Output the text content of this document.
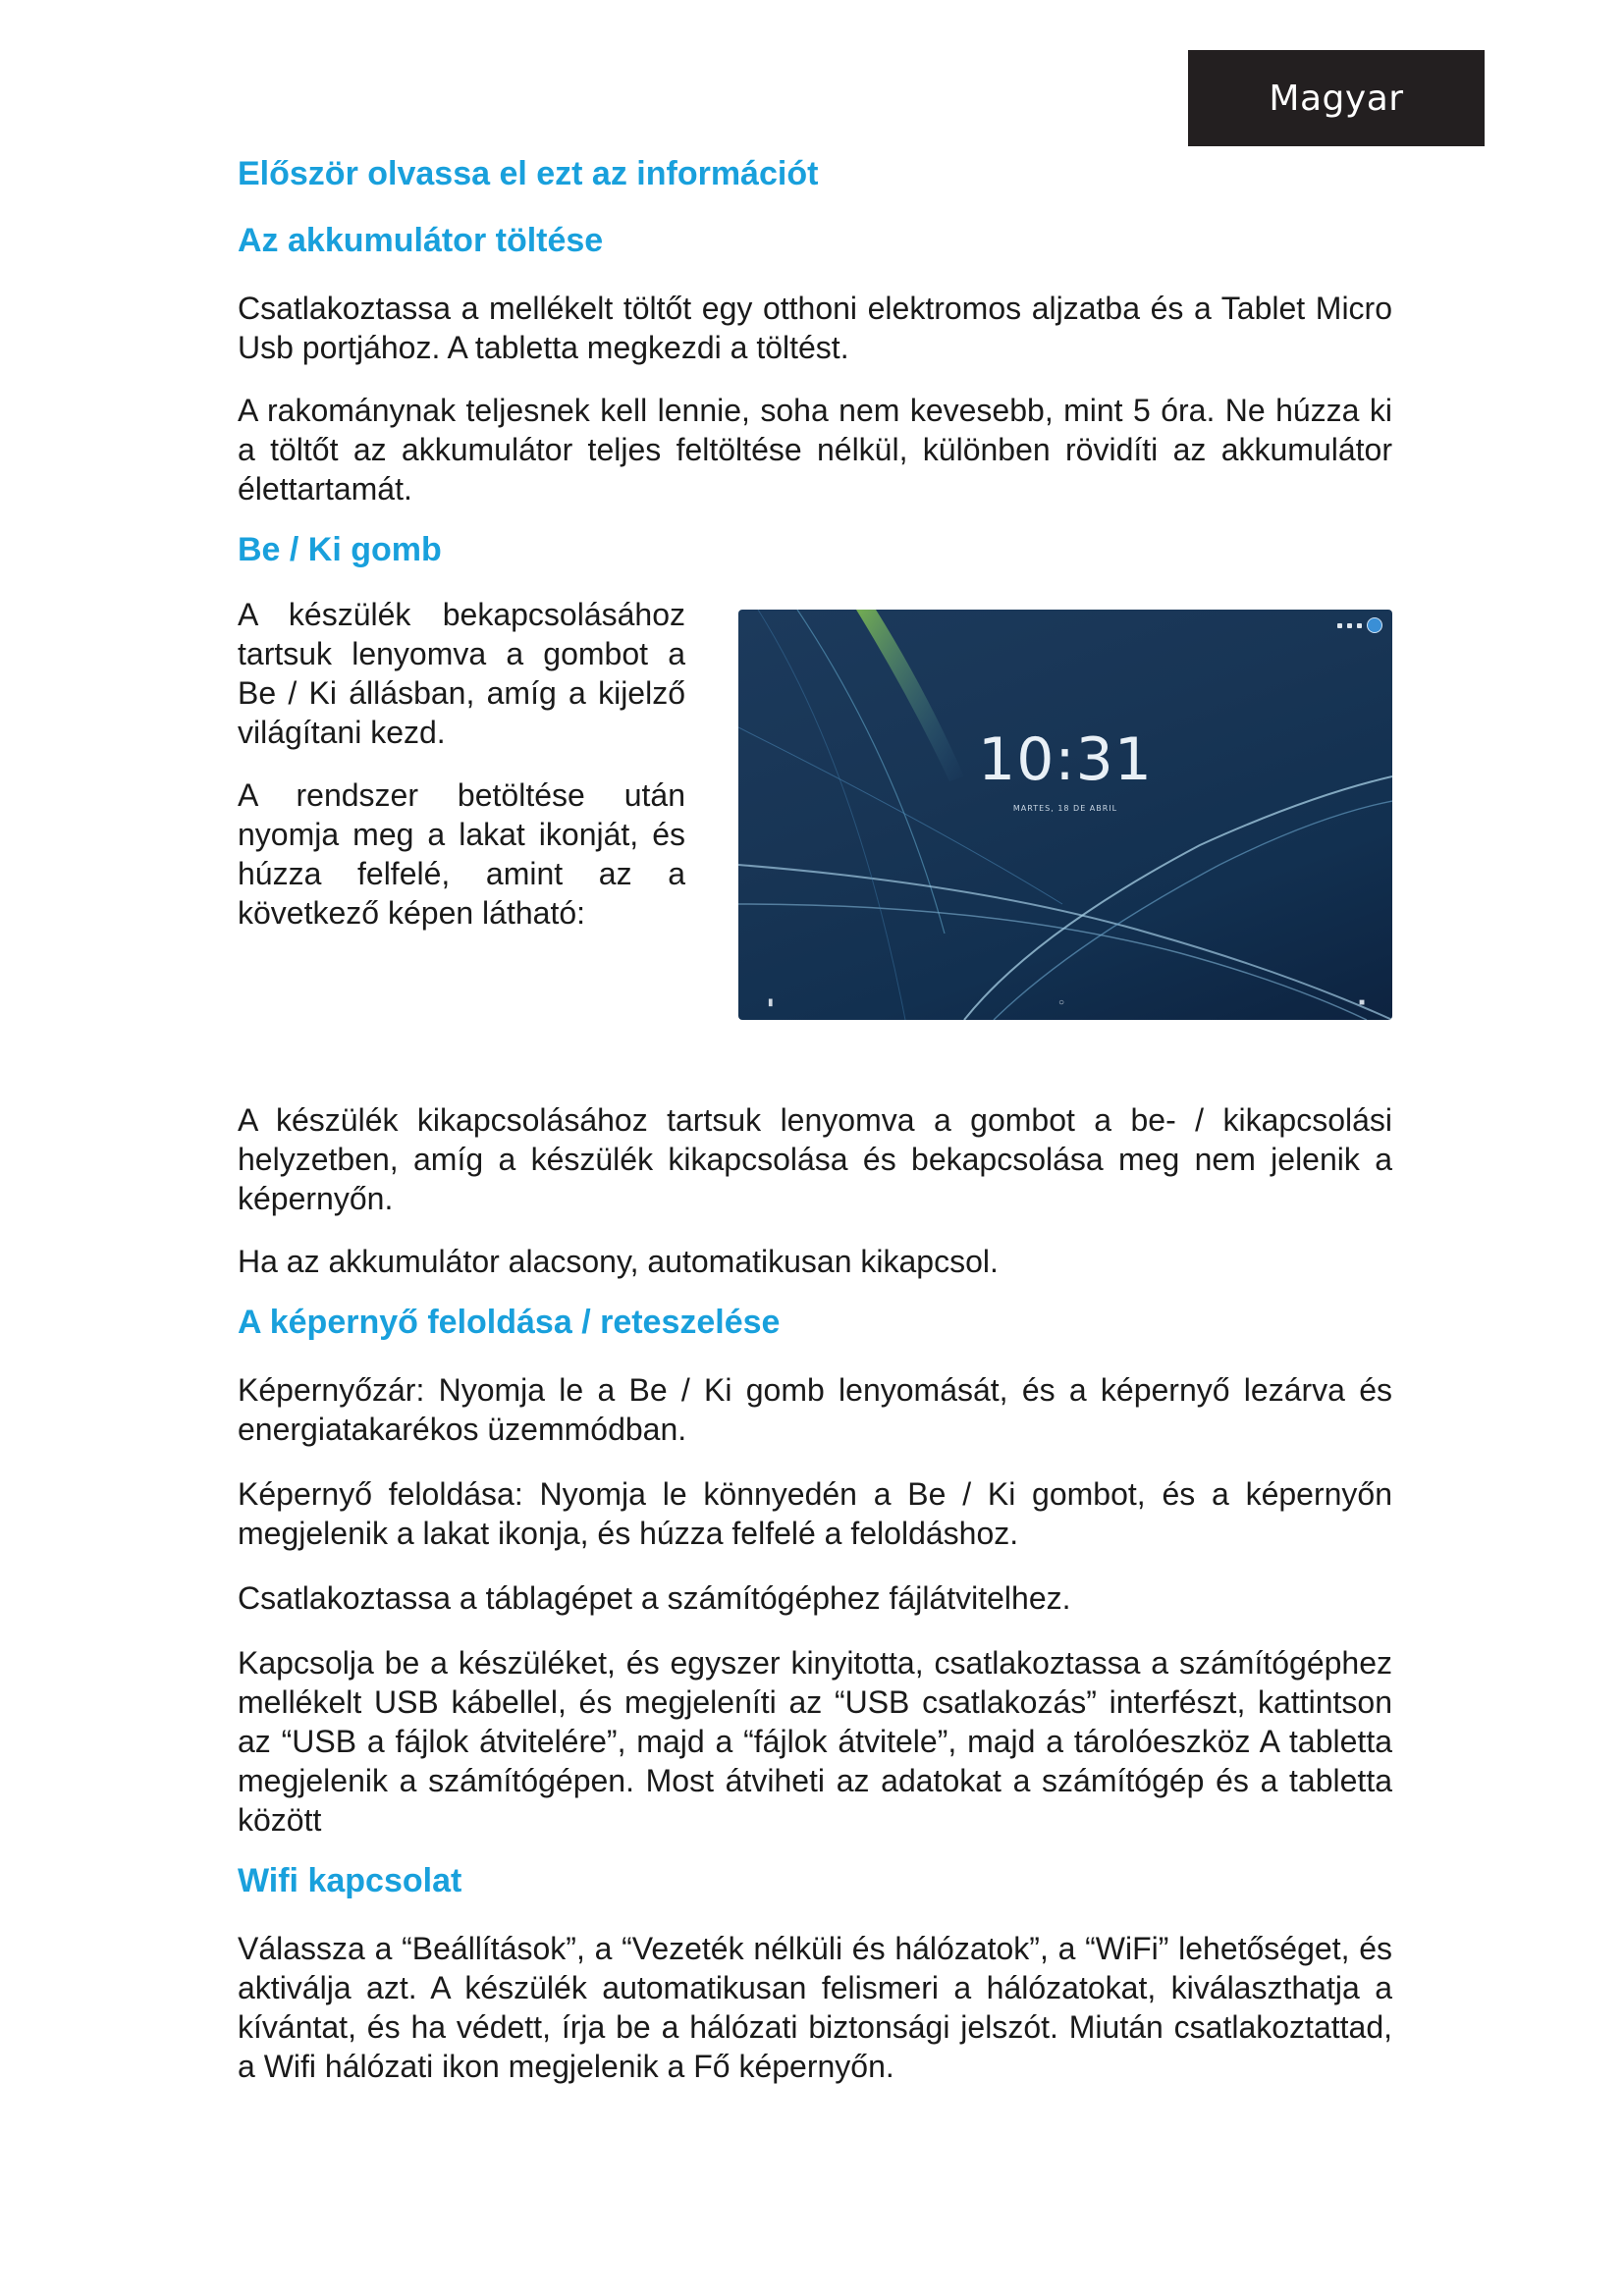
Magyar
Először olvassa el ezt az információt
Az akkumulátor töltése

Csatlakoztassa a mellékelt töltőt egy otthoni elektromos aljzatba és a Tablet Micro Usb portjához. A tabletta megkezdi a töltést.

A rakománynak teljesnek kell lennie, soha nem kevesebb, mint 5 óra. Ne húzza ki a töltőt az akkumulátor teljes feltöltése nélkül, különben rövidíti az akkumulátor élettartamát.

Be / Ki gomb

A készülék bekapcsolásához tartsuk lenyomva a gombot a Be / Ki állásban, amíg a kijelző világítani kezd.

A rendszer betöltése után nyomja meg a lakat ikonját, és húzza felfelé, amint az a következő képen látható:

10:31
MARTES, 18 DE ABRIL
▮	○	■

A készülék kikapcsolásához tartsuk lenyomva a gombot a be- / kikapcsolási helyzetben, amíg a készülék kikapcsolása és bekapcsolása meg nem jelenik a képernyőn.

Ha az akkumulátor alacsony, automatikusan kikapcsol.

A képernyő feloldása / reteszelése

Képernyőzár: Nyomja le a Be / Ki gomb lenyomását, és a képernyő lezárva és energiatakarékos üzemmódban.

Képernyő feloldása: Nyomja le könnyedén a Be / Ki gombot, és a képernyőn megjelenik a lakat ikonja, és húzza felfelé a feloldáshoz.

Csatlakoztassa a táblagépet a számítógéphez fájlátvitelhez.

Kapcsolja be a készüléket, és egyszer kinyitotta, csatlakoztassa a számítógéphez mellékelt USB kábellel, és megjeleníti az “USB csatlakozás” interfészt, kattintson az “USB a fájlok átvitelére”, majd a “fájlok átvitele”, majd a tárolóeszköz A tabletta megjelenik a számítógépen. Most átviheti az adatokat a számítógép és a tabletta között

Wifi kapcsolat

Válassza a “Beállítások”, a “Vezeték nélküli és hálózatok”, a “WiFi” lehetőséget, és aktiválja azt. A készülék automatikusan felismeri a hálózatokat, kiválaszthatja a kívántat, és ha védett, írja be a hálózati biztonsági jelszót. Miután csatlakoztattad, a Wifi hálózati ikon megjelenik a Fő képernyőn.
